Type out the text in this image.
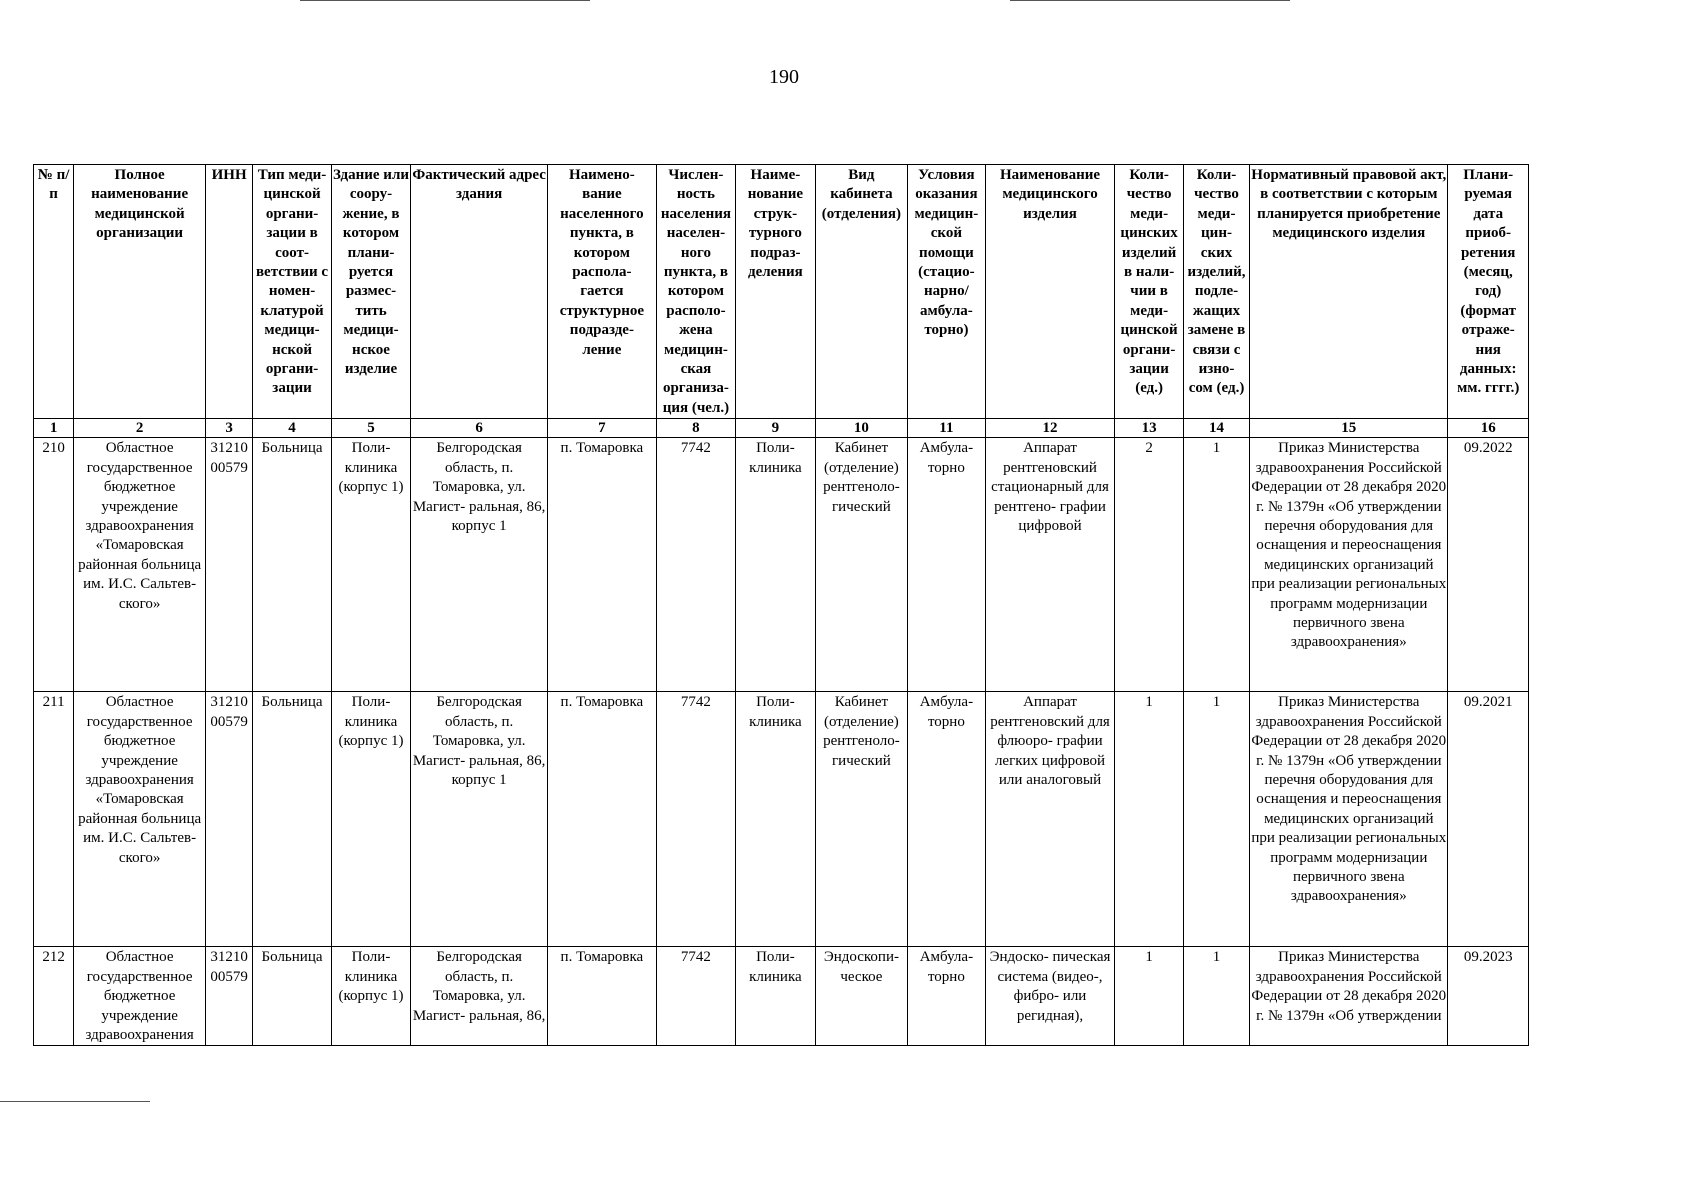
190
№ п/п	Полное наименование медицинской организации	ИНН	Тип меди- цинской органи- зации в соот- ветствии с номен- клатурой медици- нской органи- зации	Здание или соору- жение, в котором плани- руется размес- тить медици- нское изделие	Фактический адрес здания	Наимено- вание населенного пункта, в котором распола- гается структурное подразде- ление	Числен- ность населения населен- ного пункта, в котором располо- жена медицин- ская организа- ция (чел.)	Наиме- нование струк- турного подраз- деления	Вид кабинета (отделения)	Условия оказания медицин- ской помощи (стацио- нарно/ амбула- торно)	Наименование медицинского изделия	Коли- чество меди- цинских изделий в нали- чии в меди- цинской органи- зации (ед.)	Коли- чество меди- цин- ских изделий, подле- жащих замене в связи с изно- сом (ед.)	Нормативный правовой акт, в соответствии с которым планируется приобретение медицинского изделия	Плани- руемая дата приоб- ретения (месяц, год) (формат отраже- ния данных: мм. гггг.)
1	2	3	4	5	6	7	8	9	10	11	12	13	14	15	16
210	Областное государственное бюджетное учреждение здравоохранения «Томаровская районная больница им. И.С. Сальтев- ского»	31210 00579	Больница	Поли- клиника (корпус 1)	Белгородская область, п. Томаровка, ул. Магист- ральная, 86, корпус 1	п. Томаровка	7742	Поли- клиника	Кабинет (отделение) рентгеноло- гический	Амбула- торно	Аппарат рентгеновский стационарный для рентгено- графии цифровой	2	1	Приказ Министерства здравоохранения Российской Федерации от 28 декабря 2020 г. № 1379н «Об утверждении перечня оборудования для оснащения и переоснащения медицинских организаций при реализации региональных программ модернизации первичного звена здравоохранения»	09.2022
211	Областное государственное бюджетное учреждение здравоохранения «Томаровская районная больница им. И.С. Сальтев- ского»	31210 00579	Больница	Поли- клиника (корпус 1)	Белгородская область, п. Томаровка, ул. Магист- ральная, 86, корпус 1	п. Томаровка	7742	Поли- клиника	Кабинет (отделение) рентгеноло- гический	Амбула- торно	Аппарат рентгеновский для флюоро- графии легких цифровой или аналоговый	1	1	Приказ Министерства здравоохранения Российской Федерации от 28 декабря 2020 г. № 1379н «Об утверждении перечня оборудования для оснащения и переоснащения медицинских организаций при реализации региональных программ модернизации первичного звена здравоохранения»	09.2021
212	Областное государственное бюджетное учреждение здравоохранения	31210 00579	Больница	Поли- клиника (корпус 1)	Белгородская область, п. Томаровка, ул. Магист- ральная, 86,	п. Томаровка	7742	Поли- клиника	Эндоскопи- ческое	Амбула- торно	Эндоско- пическая система (видео-, фибро- или регидная),	1	1	Приказ Министерства здравоохранения Российской Федерации от 28 декабря 2020 г. № 1379н «Об утверждении	09.2023
